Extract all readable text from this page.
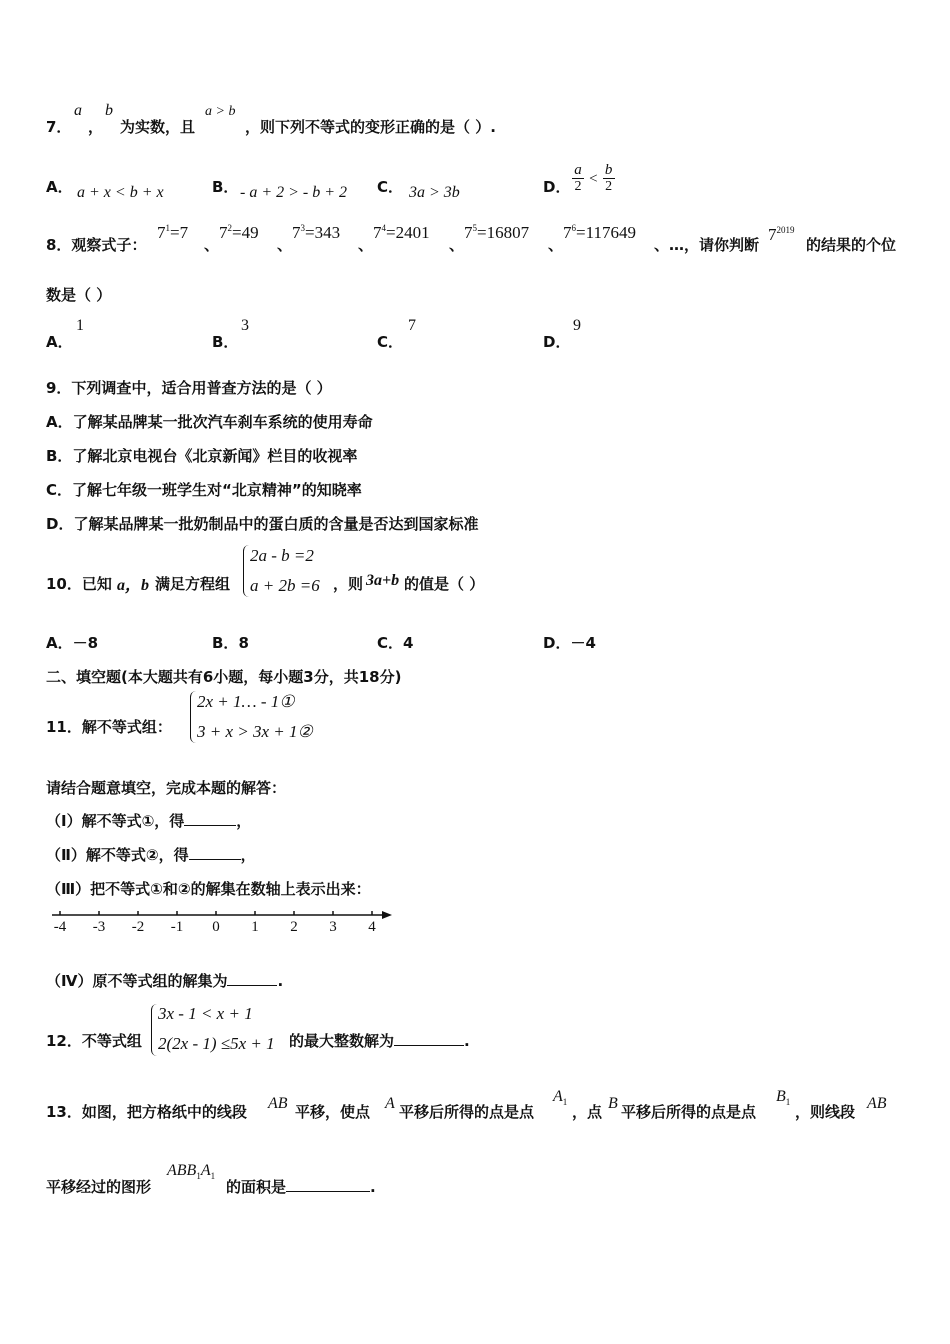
7．
a
，
b
为实数，且
a > b
，则下列不等式的变形正确的是（ ）.
A． a + x < b + x	B． - a + 2 > - b + 2 C． 3a > 3b	D． $\frac{a}{2} < \frac{b}{2}$
8．观察式子：
$7^1=7$
、
$7^2=49$
、
$7^3=343$
、
$7^4=2401$
、
$7^5=16807$
、
$7^6=117649$
、…，请你判断
$7^{2019}$
的结果的个位
数是（ ）
A．
1
B．
3
C．
7
D．
9
9．下列调查中，适合用普查方法的是（ ）
A．了解某品牌某一批次汽车刹车系统的使用寿命
B．了解北京电视台《北京新闻》栏目的收视率
C．了解七年级一班学生对“北京精神”的知晓率
D．了解某品牌某一批奶制品中的蛋白质的含量是否达到国家标准
10．已知 a，b 满足方程组
2a - b =2
a + 2b =6 ，则 3a+b 的值是（ ）
A．－8	B．8	C．4	D．－4
二、填空题(本大题共有6小题，每小题3分，共18分)
11．解不等式组：
2x + 1… - 1①
3 + x > 3x + 1②
请结合题意填空，完成本题的解答：
（Ⅰ）解不等式①，得	，
（Ⅱ）解不等式②，得	，
（Ⅲ）把不等式①和②的解集在数轴上表示出来：
-4 -3 -2 -1 0 1 2 3 4
（Ⅳ）原不等式组的解集为	.
12．不等式组
3x - 1 < x + 1
2(2x - 1) ≤5x + 1 的最大整数解为	.
13．如图，把方格纸中的线段 AB 平移，使点 A 平移后所得的点是点
$A_1$
，点 B 平移后所得的点是点
$B_1$
，则线段 AB
平移经过的图形
$ABB_1A_1$
的面积是	.
